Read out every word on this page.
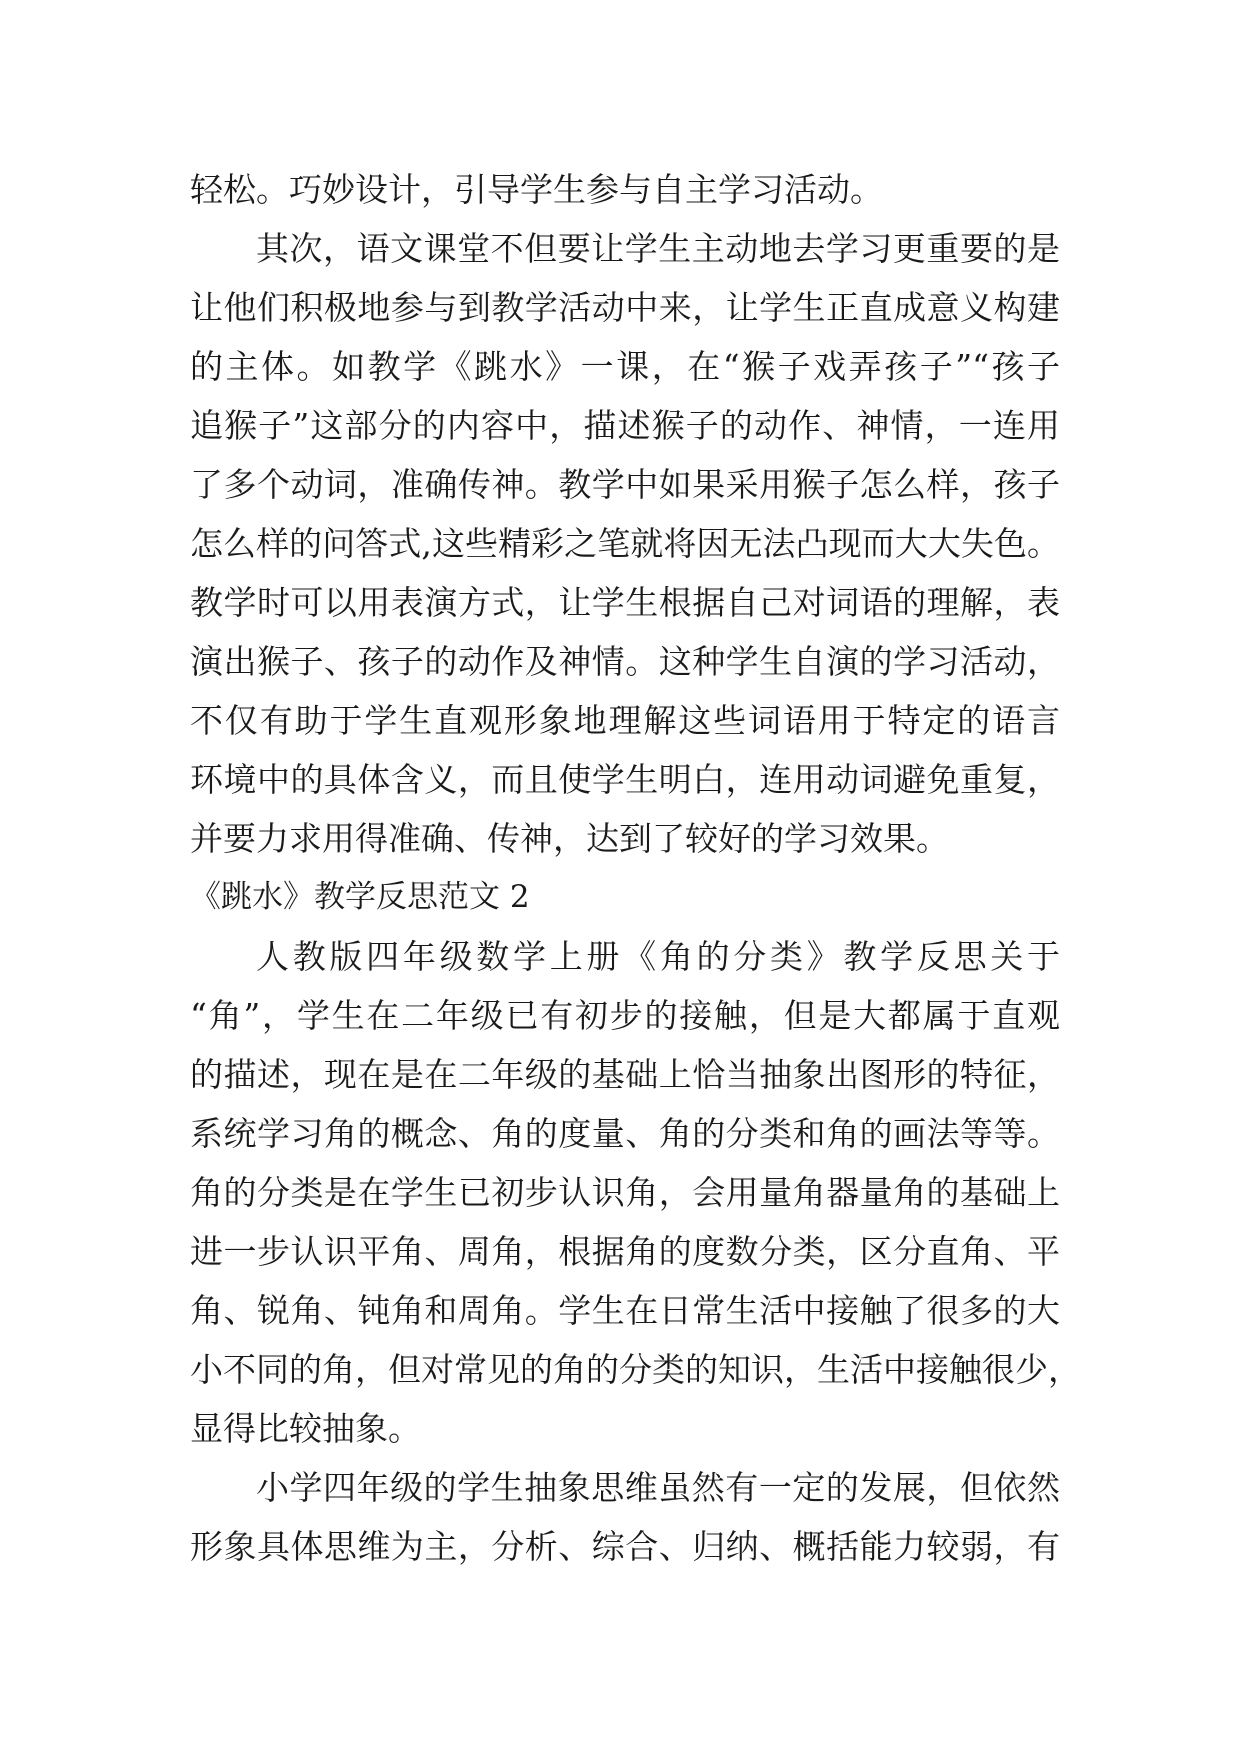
轻松。巧妙设计，引导学生参与自主学习活动。
其次，语文课堂不但要让学生主动地去学习更重要的是
让他们积极地参与到教学活动中来，让学生正直成意义构建
的主体。如教学《跳水》一课，在“猴子戏弄孩子”“孩子
追猴子”这部分的内容中，描述猴子的动作、神情，一连用
了多个动词，准确传神。教学中如果采用猴子怎么样，孩子
怎么样的问答式,这些精彩之笔就将因无法凸现而大大失色。
教学时可以用表演方式，让学生根据自己对词语的理解，表
演出猴子、孩子的动作及神情。这种学生自演的学习活动，
不仅有助于学生直观形象地理解这些词语用于特定的语言
环境中的具体含义，而且使学生明白，连用动词避免重复，
并要力求用得准确、传神，达到了较好的学习效果。
《跳水》教学反思范文 2
人教版四年级数学上册《角的分类》教学反思关于
“角”，学生在二年级已有初步的接触，但是大都属于直观
的描述，现在是在二年级的基础上恰当抽象出图形的特征，
系统学习角的概念、角的度量、角的分类和角的画法等等。
角的分类是在学生已初步认识角，会用量角器量角的基础上
进一步认识平角、周角，根据角的度数分类，区分直角、平
角、锐角、钝角和周角。学生在日常生活中接触了很多的大
小不同的角，但对常见的角的分类的知识，生活中接触很少，
显得比较抽象。
小学四年级的学生抽象思维虽然有一定的发展，但依然
形象具体思维为主，分析、综合、归纳、概括能力较弱，有
